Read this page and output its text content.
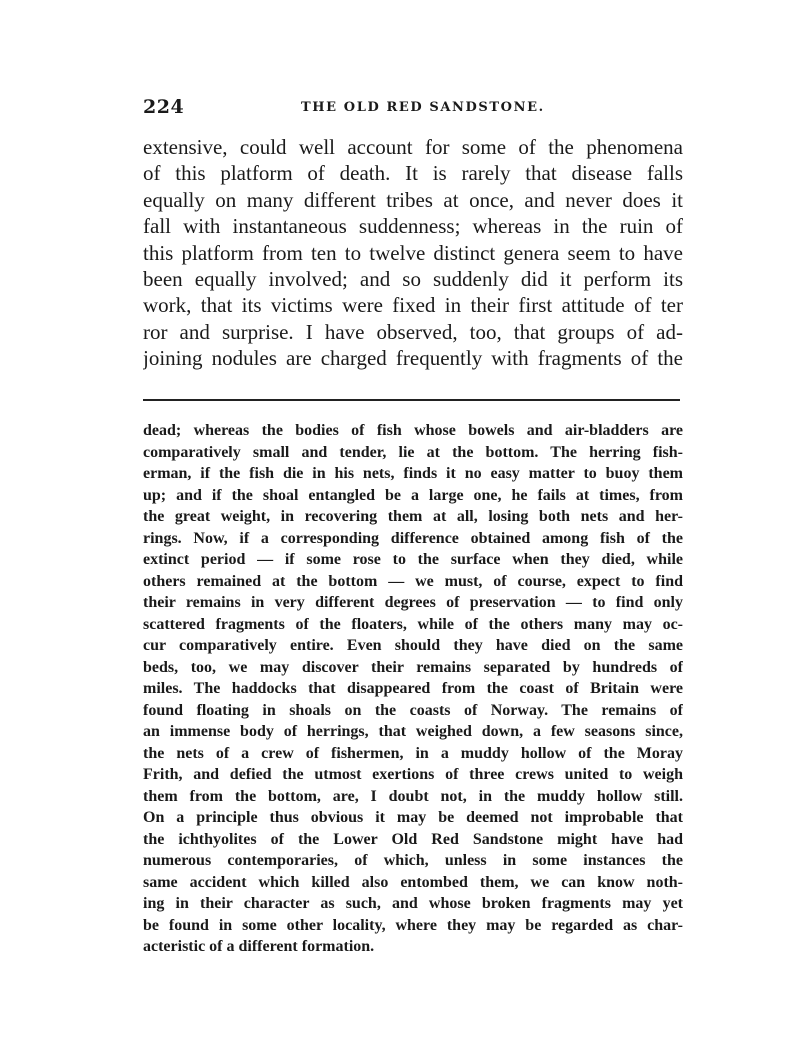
224	THE OLD RED SANDSTONE.
extensive, could well account for some of the phenomena
of this platform of death. It is rarely that disease falls
equally on many different tribes at once, and never does it
fall with instantaneous suddenness; whereas in the ruin of
this platform from ten to twelve distinct genera seem to have
been equally involved; and so suddenly did it perform its
work, that its victims were fixed in their first attitude of ter
ror and surprise. I have observed, too, that groups of ad-
joining nodules are charged frequently with fragments of the
dead; whereas the bodies of fish whose bowels and air-bladders are
comparatively small and tender, lie at the bottom. The herring fish-
erman, if the fish die in his nets, finds it no easy matter to buoy them
up; and if the shoal entangled be a large one, he fails at times, from
the great weight, in recovering them at all, losing both nets and her-
rings. Now, if a corresponding difference obtained among fish of the
extinct period — if some rose to the surface when they died, while
others remained at the bottom — we must, of course, expect to find
their remains in very different degrees of preservation — to find only
scattered fragments of the floaters, while of the others many may oc-
cur comparatively entire. Even should they have died on the same
beds, too, we may discover their remains separated by hundreds of
miles. The haddocks that disappeared from the coast of Britain were
found floating in shoals on the coasts of Norway. The remains of
an immense body of herrings, that weighed down, a few seasons since,
the nets of a crew of fishermen, in a muddy hollow of the Moray
Frith, and defied the utmost exertions of three crews united to weigh
them from the bottom, are, I doubt not, in the muddy hollow still.
On a principle thus obvious it may be deemed not improbable that
the ichthyolites of the Lower Old Red Sandstone might have had
numerous contemporaries, of which, unless in some instances the
same accident which killed also entombed them, we can know noth-
ing in their character as such, and whose broken fragments may yet
be found in some other locality, where they may be regarded as char-
acteristic of a different formation.
